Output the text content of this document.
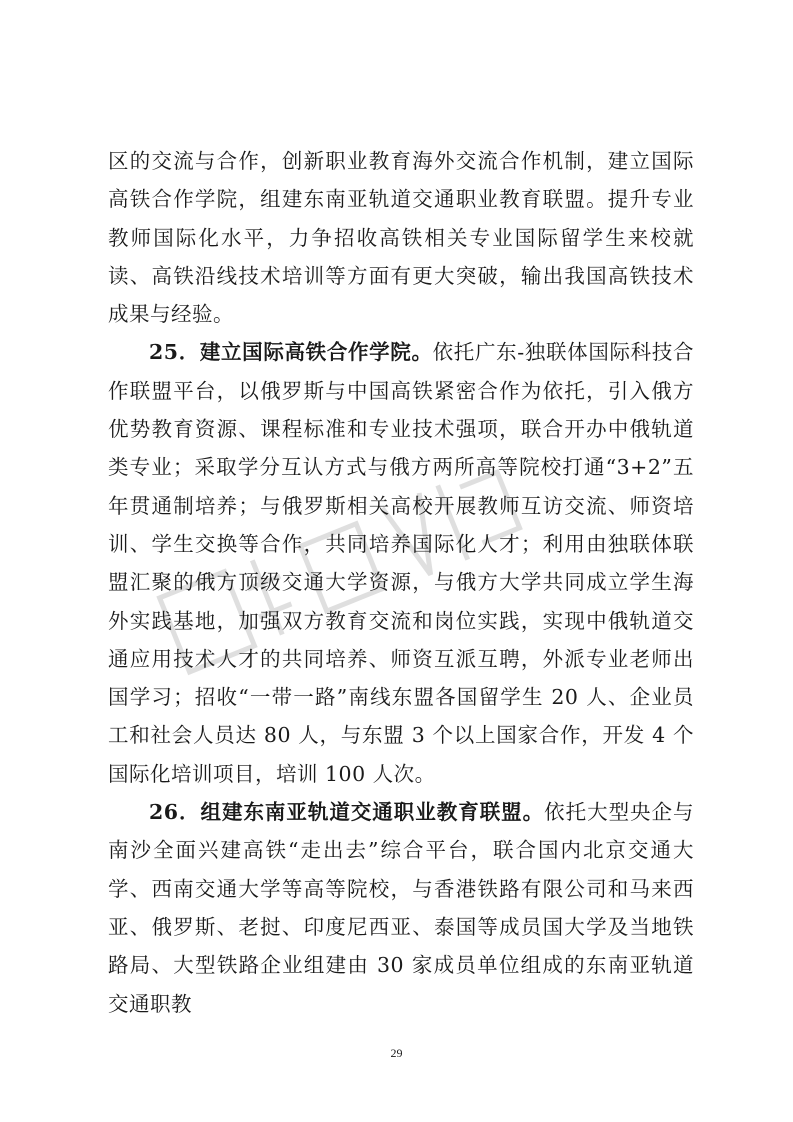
区的交流与合作，创新职业教育海外交流合作机制，建立国际高铁合作学院，组建东南亚轨道交通职业教育联盟。提升专业教师国际化水平，力争招收高铁相关专业国际留学生来校就读、高铁沿线技术培训等方面有更大突破，输出我国高铁技术成果与经验。

25．建立国际高铁合作学院。依托广东-独联体国际科技合作联盟平台，以俄罗斯与中国高铁紧密合作为依托，引入俄方优势教育资源、课程标准和专业技术强项，联合开办中俄轨道类专业；采取学分互认方式与俄方两所高等院校打通“3+2”五年贯通制培养；与俄罗斯相关高校开展教师互访交流、师资培训、学生交换等合作，共同培养国际化人才；利用由独联体联盟汇聚的俄方顶级交通大学资源，与俄方大学共同成立学生海外实践基地，加强双方教育交流和岗位实践，实现中俄轨道交通应用技术人才的共同培养、师资互派互聘，外派专业老师出国学习；招收“一带一路”南线东盟各国留学生 20 人、企业员工和社会人员达 80 人，与东盟 3 个以上国家合作，开发 4 个国际化培训项目，培训 100 人次。

26．组建东南亚轨道交通职业教育联盟。依托大型央企与南沙全面兴建高铁“走出去”综合平台，联合国内北京交通大学、西南交通大学等高等院校，与香港铁路有限公司和马来西亚、俄罗斯、老挝、印度尼西亚、泰国等成员国大学及当地铁路局、大型铁路企业组建由 30 家成员单位组成的东南亚轨道交通职教

29
